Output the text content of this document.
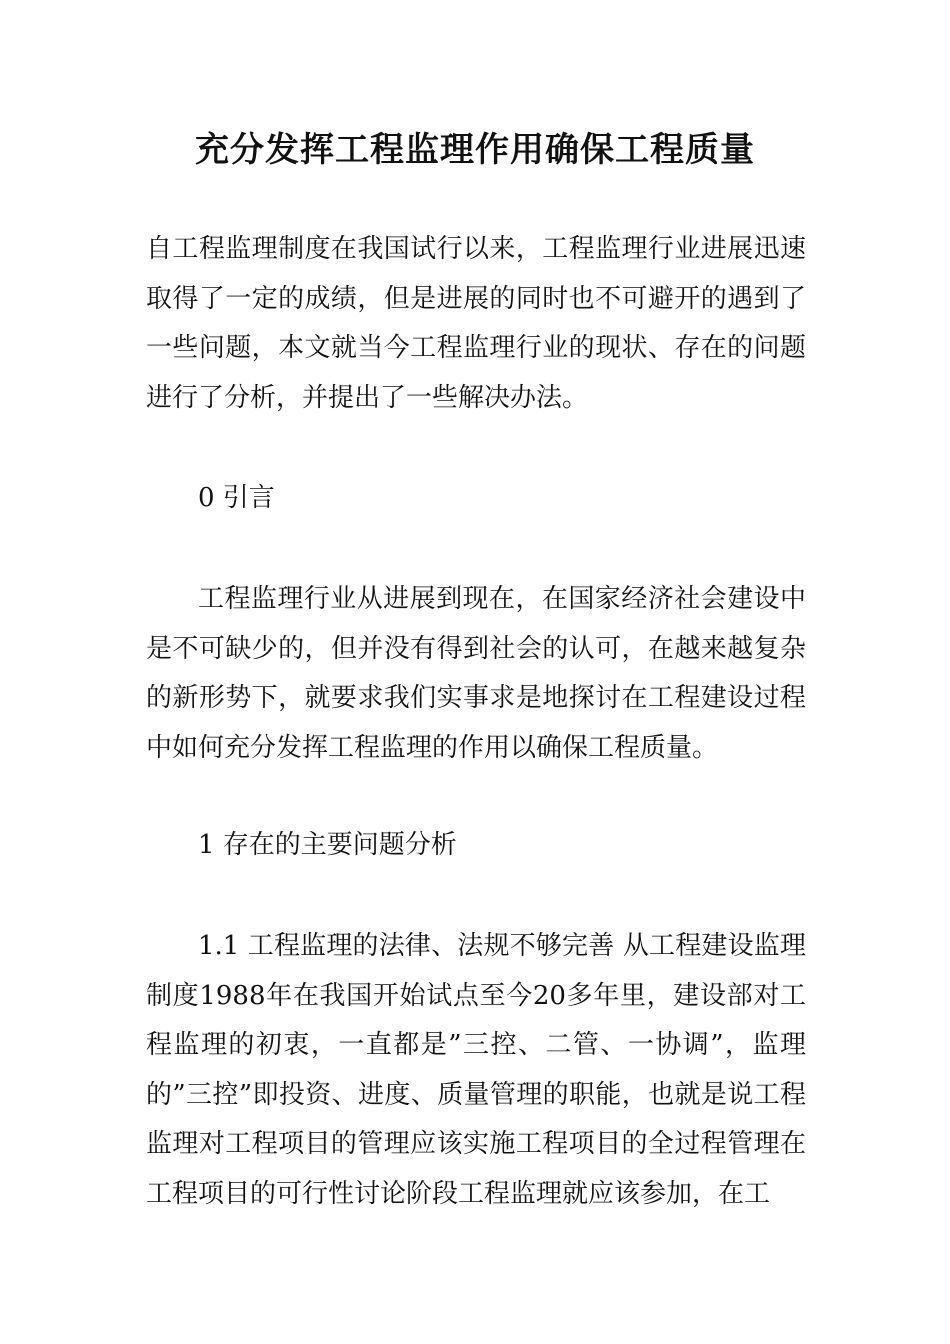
充分发挥工程监理作用确保工程质量

自工程监理制度在我国试行以来，工程监理行业进展迅速取得了一定的成绩，但是进展的同时也不可避开的遇到了一些问题，本文就当今工程监理行业的现状、存在的问题进行了分析，并提出了一些解决办法。

0 引言

工程监理行业从进展到现在，在国家经济社会建设中是不可缺少的，但并没有得到社会的认可，在越来越复杂的新形势下，就要求我们实事求是地探讨在工程建设过程中如何充分发挥工程监理的作用以确保工程质量。

1 存在的主要问题分析

1.1 工程监理的法律、法规不够完善 从工程建设监理制度1988年在我国开始试点至今20多年里，建设部对工程监理的初衷，一直都是”三控、二管、一协调”，监理的”三控”即投资、进度、质量管理的职能，也就是说工程监理对工程项目的管理应该实施工程项目的全过程管理在工程项目的可行性讨论阶段工程监理就应该参加，在工
